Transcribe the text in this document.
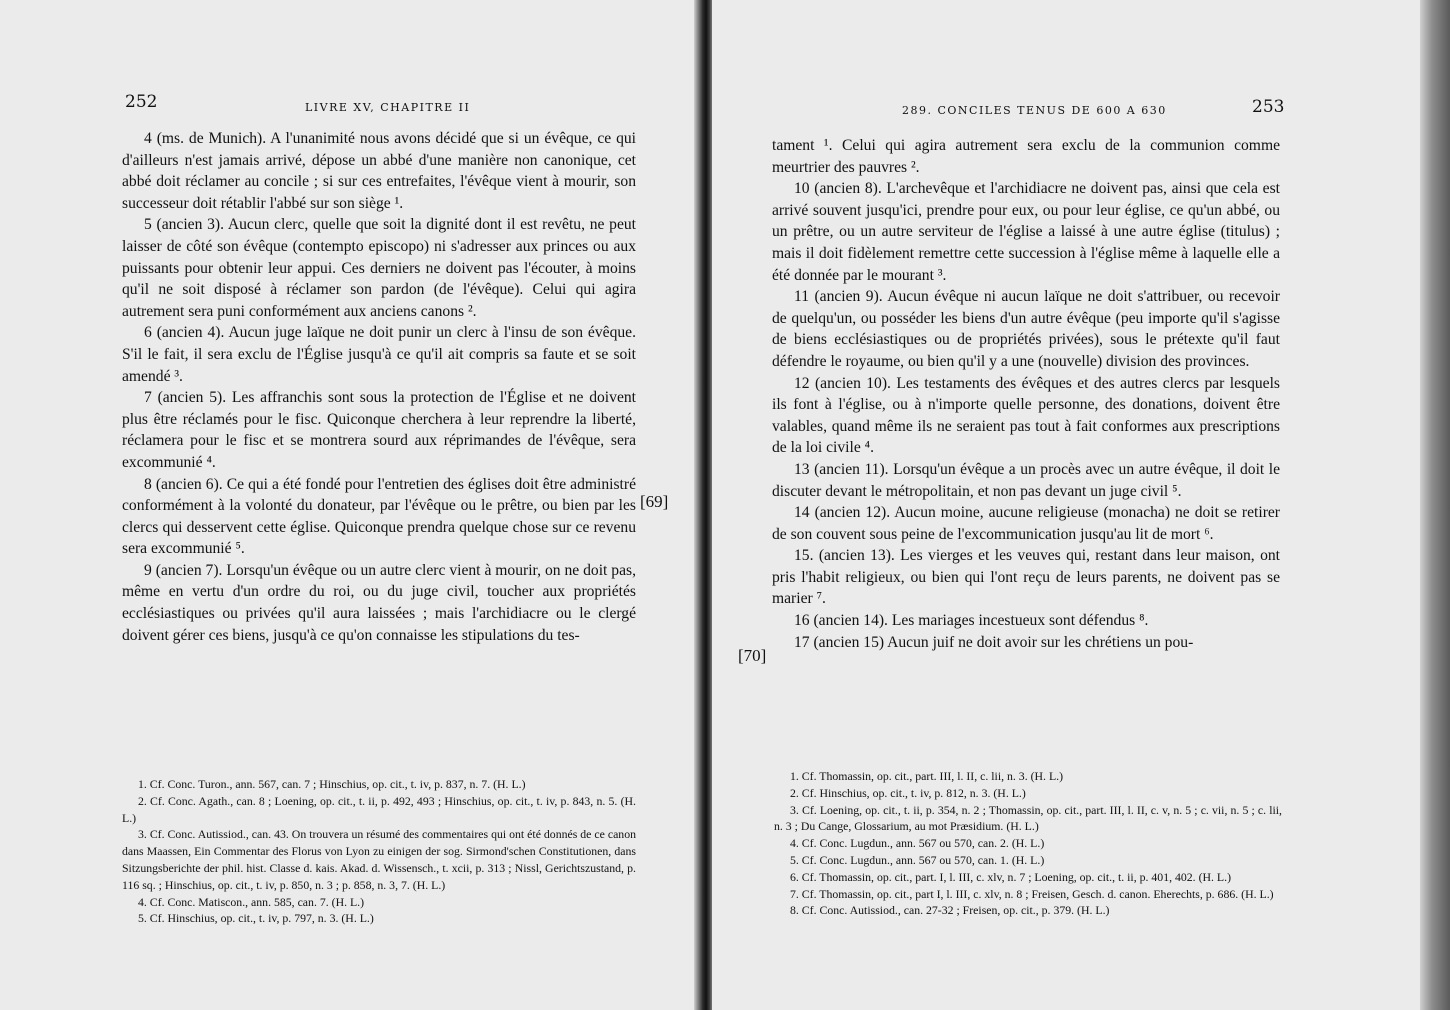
252	LIVRE XV, CHAPITRE II

4 (ms. de Munich). A l'unanimité nous avons décidé que si un évêque, ce qui d'ailleurs n'est jamais arrivé, dépose un abbé d'une manière non canonique, cet abbé doit réclamer au concile ; si sur ces entrefaites, l'évêque vient à mourir, son successeur doit rétablir l'abbé sur son siège ¹.

5 (ancien 3). Aucun clerc, quelle que soit la dignité dont il est revêtu, ne peut laisser de côté son évêque (contempto episcopo) ni s'adresser aux princes ou aux puissants pour obtenir leur appui. Ces derniers ne doivent pas l'écouter, à moins qu'il ne soit disposé à réclamer son pardon (de l'évêque). Celui qui agira autrement sera puni conformément aux anciens canons ².

6 (ancien 4). Aucun juge laïque ne doit punir un clerc à l'insu de son évêque. S'il le fait, il sera exclu de l'Église jusqu'à ce qu'il ait compris sa faute et se soit amendé ³.

7 (ancien 5). Les affranchis sont sous la protection de l'Église et ne doivent plus être réclamés pour le fisc. Quiconque cherchera à leur reprendre la liberté, réclamera pour le fisc et se montrera sourd aux réprimandes de l'évêque, sera excommunié ⁴.

8 (ancien 6). Ce qui a été fondé pour l'entretien des églises doit être administré conformément à la volonté du donateur, par l'évêque ou le prêtre, ou bien par les clercs qui desservent cette église. Quiconque prendra quelque chose sur ce revenu sera excommunié ⁵.

9 (ancien 7). Lorsqu'un évêque ou un autre clerc vient à mourir, on ne doit pas, même en vertu d'un ordre du roi, ou du juge civil, toucher aux propriétés ecclésiastiques ou privées qu'il aura laissées ; mais l'archidiacre ou le clergé doivent gérer ces biens, jusqu'à ce qu'on connaisse les stipulations du tes-

[69]

1. Cf. Conc. Turon., ann. 567, can. 7 ; Hinschius, op. cit., t. iv, p. 837, n. 7. (H. L.)

2. Cf. Conc. Agath., can. 8 ; Loening, op. cit., t. ii, p. 492, 493 ; Hinschius, op. cit., t. iv, p. 843, n. 5. (H. L.)

3. Cf. Conc. Autissiod., can. 43. On trouvera un résumé des commentaires qui ont été donnés de ce canon dans Maassen, Ein Commentar des Florus von Lyon zu einigen der sog. Sirmond'schen Constitutionen, dans Sitzungsberichte der phil. hist. Classe d. kais. Akad. d. Wissensch., t. xcii, p. 313 ; Nissl, Gerichtszustand, p. 116 sq. ; Hinschius, op. cit., t. iv, p. 850, n. 3 ; p. 858, n. 3, 7. (H. L.)

4. Cf. Conc. Matiscon., ann. 585, can. 7. (H. L.)

5. Cf. Hinschius, op. cit., t. iv, p. 797, n. 3. (H. L.)

289. CONCILES TENUS DE 600 A 630	253

tament ¹. Celui qui agira autrement sera exclu de la communion comme meurtrier des pauvres ².

10 (ancien 8). L'archevêque et l'archidiacre ne doivent pas, ainsi que cela est arrivé souvent jusqu'ici, prendre pour eux, ou pour leur église, ce qu'un abbé, ou un prêtre, ou un autre serviteur de l'église a laissé à une autre église (titulus) ; mais il doit fidèlement remettre cette succession à l'église même à laquelle elle a été donnée par le mourant ³.

11 (ancien 9). Aucun évêque ni aucun laïque ne doit s'attribuer, ou recevoir de quelqu'un, ou posséder les biens d'un autre évêque (peu importe qu'il s'agisse de biens ecclésiastiques ou de propriétés privées), sous le prétexte qu'il faut défendre le royaume, ou bien qu'il y a une (nouvelle) division des provinces.

12 (ancien 10). Les testaments des évêques et des autres clercs par lesquels ils font à l'église, ou à n'importe quelle personne, des donations, doivent être valables, quand même ils ne seraient pas tout à fait conformes aux prescriptions de la loi civile ⁴.

13 (ancien 11). Lorsqu'un évêque a un procès avec un autre évêque, il doit le discuter devant le métropolitain, et non pas devant un juge civil ⁵.

14 (ancien 12). Aucun moine, aucune religieuse (monacha) ne doit se retirer de son couvent sous peine de l'excommunication jusqu'au lit de mort ⁶.

15. (ancien 13). Les vierges et les veuves qui, restant dans leur maison, ont pris l'habit religieux, ou bien qui l'ont reçu de leurs parents, ne doivent pas se marier ⁷.

16 (ancien 14). Les mariages incestueux sont défendus ⁸.

17 (ancien 15) Aucun juif ne doit avoir sur les chrétiens un pou-

[70]

1. Cf. Thomassin, op. cit., part. III, l. II, c. lii, n. 3. (H. L.)

2. Cf. Hinschius, op. cit., t. iv, p. 812, n. 3. (H. L.)

3. Cf. Loening, op. cit., t. ii, p. 354, n. 2 ; Thomassin, op. cit., part. III, l. II, c. v, n. 5 ; c. vii, n. 5 ; c. lii, n. 3 ; Du Cange, Glossarium, au mot Præsidium. (H. L.)

4. Cf. Conc. Lugdun., ann. 567 ou 570, can. 2. (H. L.)

5. Cf. Conc. Lugdun., ann. 567 ou 570, can. 1. (H. L.)

6. Cf. Thomassin, op. cit., part. I, l. III, c. xlv, n. 7 ; Loening, op. cit., t. ii, p. 401, 402. (H. L.)

7. Cf. Thomassin, op. cit., part I, l. III, c. xlv, n. 8 ; Freisen, Gesch. d. canon. Eherechts, p. 686. (H. L.)

8. Cf. Conc. Autissiod., can. 27-32 ; Freisen, op. cit., p. 379. (H. L.)
